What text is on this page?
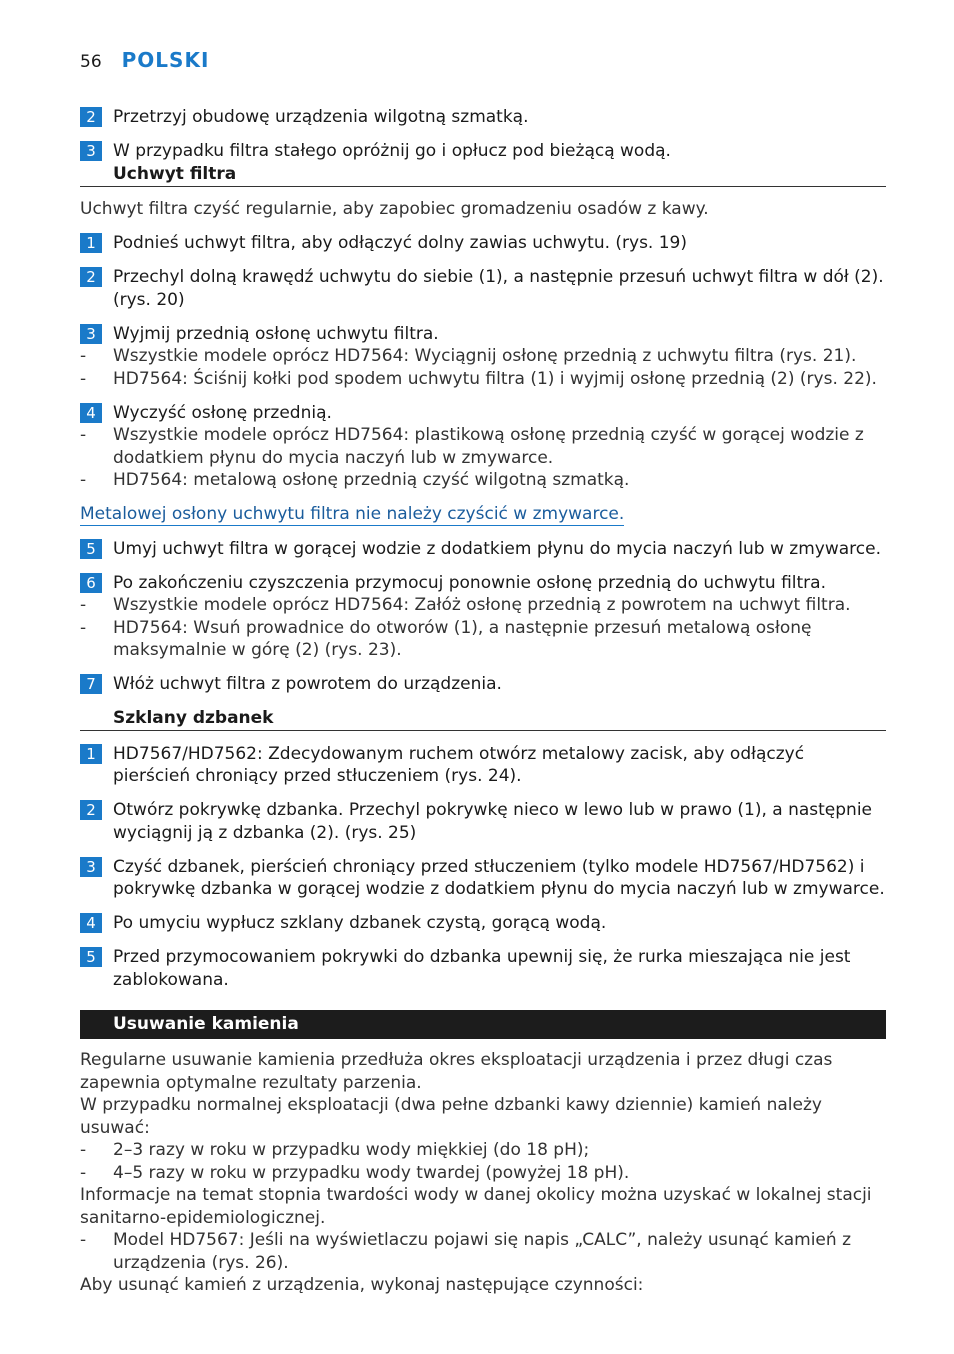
56 POLSKI
2	Przetrzyj obudowę urządzenia wilgotną szmatką.
3	W przypadku filtra stałego opróżnij go i opłucz pod bieżącą wodą.
Uchwyt filtra
Uchwyt filtra czyść regularnie, aby zapobiec gromadzeniu osadów z kawy.
1	Podnieś uchwyt filtra, aby odłączyć dolny zawias uchwytu. (rys. 19)
2	Przechyl dolną krawędź uchwytu do siebie (1), a następnie przesuń uchwyt filtra w dół (2). (rys. 20)
3	Wyjmij przednią osłonę uchwytu filtra.
-	Wszystkie modele oprócz HD7564: Wyciągnij osłonę przednią z uchwytu filtra (rys. 21).
-	HD7564: Ściśnij kołki pod spodem uchwytu filtra (1) i wyjmij osłonę przednią (2) (rys. 22).
4	Wyczyść osłonę przednią.
-	Wszystkie modele oprócz HD7564: plastikową osłonę przednią czyść w gorącej wodzie z dodatkiem płynu do mycia naczyń lub w zmywarce.
-	HD7564: metalową osłonę przednią czyść wilgotną szmatką.
Metalowej osłony uchwytu filtra nie należy czyścić w zmywarce.
5	Umyj uchwyt filtra w gorącej wodzie z dodatkiem płynu do mycia naczyń lub w zmywarce.
6	Po zakończeniu czyszczenia przymocuj ponownie osłonę przednią do uchwytu filtra.
-	Wszystkie modele oprócz HD7564: Załóż osłonę przednią z powrotem na uchwyt filtra.
-	HD7564: Wsuń prowadnice do otworów (1), a następnie przesuń metalową osłonę maksymalnie w górę (2) (rys. 23).
7	Włóż uchwyt filtra z powrotem do urządzenia.
Szklany dzbanek
1	HD7567/HD7562: Zdecydowanym ruchem otwórz metalowy zacisk, aby odłączyć pierścień chroniący przed stłuczeniem (rys. 24).
2	Otwórz pokrywkę dzbanka. Przechyl pokrywkę nieco w lewo lub w prawo (1), a następnie wyciągnij ją z dzbanka (2). (rys. 25)
3	Czyść dzbanek, pierścień chroniący przed stłuczeniem (tylko modele HD7567/HD7562) i pokrywkę dzbanka w gorącej wodzie z dodatkiem płynu do mycia naczyń lub w zmywarce.
4	Po umyciu wypłucz szklany dzbanek czystą, gorącą wodą.
5	Przed przymocowaniem pokrywki do dzbanka upewnij się, że rurka mieszająca nie jest zablokowana.
Usuwanie kamienia
Regularne usuwanie kamienia przedłuża okres eksploatacji urządzenia i przez długi czas zapewnia optymalne rezultaty parzenia.
W przypadku normalnej eksploatacji (dwa pełne dzbanki kawy dziennie) kamień należy usuwać:
-	2–3 razy w roku w przypadku wody miękkiej (do 18 pH);
-	4–5 razy w roku w przypadku wody twardej (powyżej 18 pH).
Informacje na temat stopnia twardości wody w danej okolicy można uzyskać w lokalnej stacji sanitarno-epidemiologicznej.
-	Model HD7567: Jeśli na wyświetlaczu pojawi się napis „CALC”, należy usunąć kamień z urządzenia (rys. 26).
Aby usunąć kamień z urządzenia, wykonaj następujące czynności:
